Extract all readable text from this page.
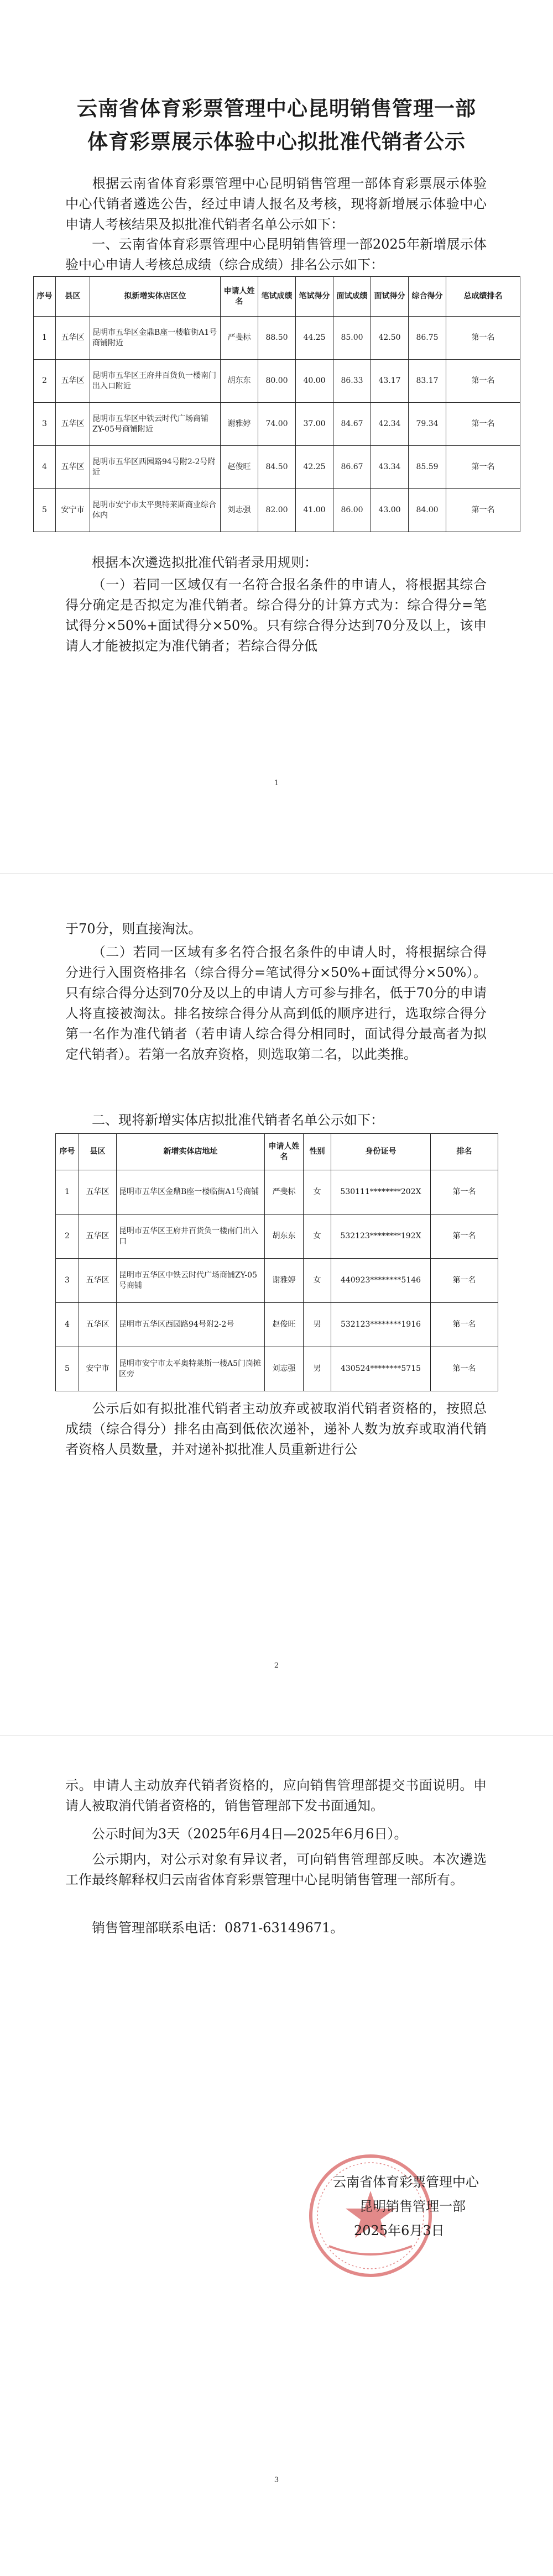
云南省体育彩票管理中心昆明销售管理一部
体育彩票展示体验中心拟批准代销者公示
根据云南省体育彩票管理中心昆明销售管理一部体育彩票展示体验中心代销者遴选公告，经过申请人报名及考核，现将新增展示体验中心申请人考核结果及拟批准代销者名单公示如下：
一、云南省体育彩票管理中心昆明销售管理一部2025年新增展示体验中心申请人考核总成绩（综合成绩）排名公示如下：
序号	县区	拟新增实体店区位	申请人姓名	笔试成绩	笔试得分	面试成绩	面试得分	综合得分	总成绩排名
1	五华区	昆明市五华区金鼎B座一楼临街A1号商铺附近	严斐标	88.50	44.25	85.00	42.50	86.75	第一名
2	五华区	昆明市五华区王府井百货负一楼南门出入口附近	胡东东	80.00	40.00	86.33	43.17	83.17	第一名
3	五华区	昆明市五华区中铁云时代广场商铺ZY-05号商铺附近	谢雅婷	74.00	37.00	84.67	42.34	79.34	第一名
4	五华区	昆明市五华区西园路94号附2-2号附近	赵俊旺	84.50	42.25	86.67	43.34	85.59	第一名
5	安宁市	昆明市安宁市太平奥特莱斯商业综合体内	刘志强	82.00	41.00	86.00	43.00	84.00	第一名
根据本次遴选拟批准代销者录用规则：
（一）若同一区域仅有一名符合报名条件的申请人，将根据其综合得分确定是否拟定为准代销者。综合得分的计算方式为：综合得分=笔试得分×50%+面试得分×50%。只有综合得分达到70分及以上，该申请人才能被拟定为准代销者；若综合得分低
1
于70分，则直接淘汰。
（二）若同一区域有多名符合报名条件的申请人时，将根据综合得分进行入围资格排名（综合得分=笔试得分×50%+面试得分×50%）。只有综合得分达到70分及以上的申请人方可参与排名，低于70分的申请人将直接被淘汰。排名按综合得分从高到低的顺序进行，选取综合得分第一名作为准代销者（若申请人综合得分相同时，面试得分最高者为拟定代销者）。若第一名放弃资格，则选取第二名，以此类推。
二、现将新增实体店拟批准代销者名单公示如下：
序号	县区	新增实体店地址	申请人姓名	性别	身份证号	排名
1	五华区	昆明市五华区金鼎B座一楼临街A1号商铺	严斐标	女	530111********202X	第一名
2	五华区	昆明市五华区王府井百货负一楼南门出入口	胡东东	女	532123********192X	第一名
3	五华区	昆明市五华区中铁云时代广场商铺ZY-05号商铺	谢雅婷	女	440923********5146	第一名
4	五华区	昆明市五华区西园路94号附2-2号	赵俊旺	男	532123********1916	第一名
5	安宁市	昆明市安宁市太平奥特莱斯一楼A5门岗摊区旁	刘志强	男	430524********5715	第一名
公示后如有拟批准代销者主动放弃或被取消代销者资格的，按照总成绩（综合得分）排名由高到低依次递补，递补人数为放弃或取消代销者资格人员数量，并对递补拟批准人员重新进行公
2
示。申请人主动放弃代销者资格的，应向销售管理部提交书面说明。申请人被取消代销者资格的，销售管理部下发书面通知。
公示时间为3天（2025年6月4日—2025年6月6日）。
公示期内，对公示对象有异议者，可向销售管理部反映。本次遴选工作最终解释权归云南省体育彩票管理中心昆明销售管理一部所有。
销售管理部联系电话：0871-63149671。
云南省体育彩票管理中心
昆明销售管理一部
2025年6月3日
3
